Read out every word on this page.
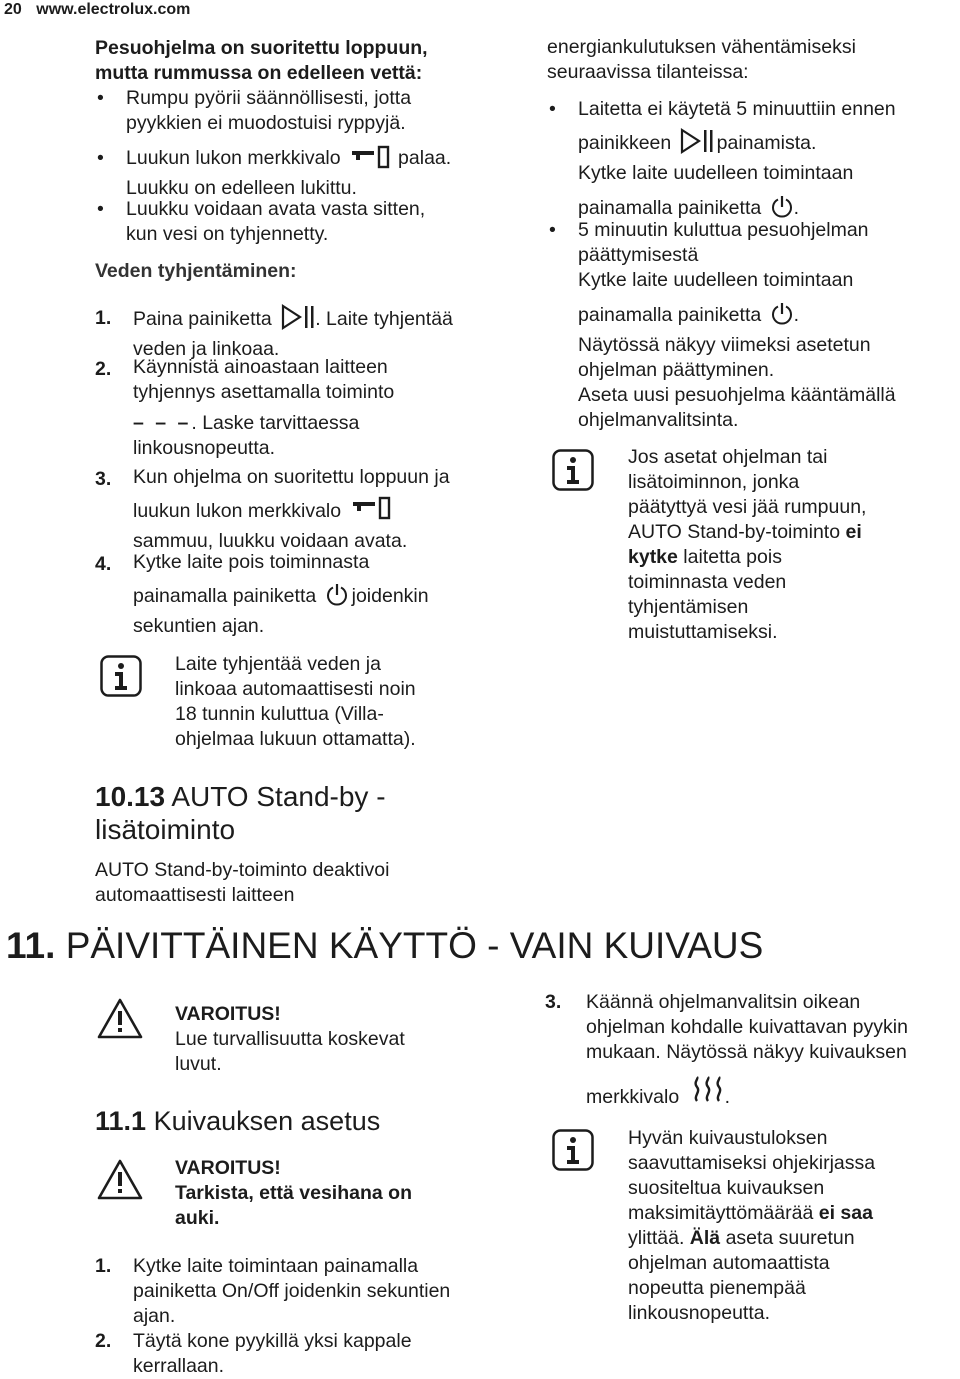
20 www.electrolux.com
Pesuohjelma on suoritettu loppuun,
mutta rummussa on edelleen vettä:
• Rumpu pyörii säännöllisesti, jotta
pyykkien ei muodostuisi ryppyjä.
• Luukun lukon merkkivalo	palaa.
Luukku on edelleen lukittu.
• Luukku voidaan avata vasta sitten,
kun vesi on tyhjennetty.
Veden tyhjentäminen:
1. Paina painiketta . Laite tyhjentää
veden ja linkoaa.
2. Käynnistä ainoastaan laitteen
tyhjennys asettamalla toiminto
– – –. Laske tarvittaessa
linkousnopeutta.
3. Kun ohjelma on suoritettu loppuun ja
luukun lukon merkkivalo
sammuu, luukku voidaan avata.
4. Kytke laite pois toiminnasta
painamalla painiketta joidenkin
sekuntien ajan.
Laite tyhjentää veden ja
linkoaa automaattisesti noin
18 tunnin kuluttua (Villa-
ohjelmaa lukuun ottamatta).
10.13 AUTO Stand-by -
lisätoiminto
AUTO Stand-by-toiminto deaktivoi
automaattisesti laitteen
energiankulutuksen vähentämiseksi
seuraavissa tilanteissa:
• Laitetta ei käytetä 5 minuuttiin ennen
painikkeen painamista.
Kytke laite uudelleen toimintaan
painamalla painiketta .
• 5 minuutin kuluttua pesuohjelman
päättymisestä
Kytke laite uudelleen toimintaan
painamalla painiketta .
Näytössä näkyy viimeksi asetetun
ohjelman päättyminen.
Aseta uusi pesuohjelma kääntämällä
ohjelmanvalitsinta.
Jos asetat ohjelman tai
lisätoiminnon, jonka
päätyttyä vesi jää rumpuun,
AUTO Stand-by-toiminto ei
kytke laitetta pois
toiminnasta veden
tyhjentämisen
muistuttamiseksi.
11. PÄIVITTÄINEN KÄYTTÖ - VAIN KUIVAUS
VAROITUS!
Lue turvallisuutta koskevat
luvut.
11.1 Kuivauksen asetus
VAROITUS!
Tarkista, että vesihana on
auki.
1. Kytke laite toimintaan painamalla
painiketta On/Off joidenkin sekuntien
ajan.
2. Täytä kone pyykillä yksi kappale
kerrallaan.
3. Käännä ohjelmanvalitsin oikean
ohjelman kohdalle kuivattavan pyykin
mukaan. Näytössä näkyy kuivauksen
merkkivalo .
Hyvän kuivaustuloksen
saavuttamiseksi ohjekirjassa
suositeltua kuivauksen
maksimitäyttömäärää ei saa
ylittää. Älä aseta suuretun
ohjelman automaattista
nopeutta pienempää
linkousnopeutta.
